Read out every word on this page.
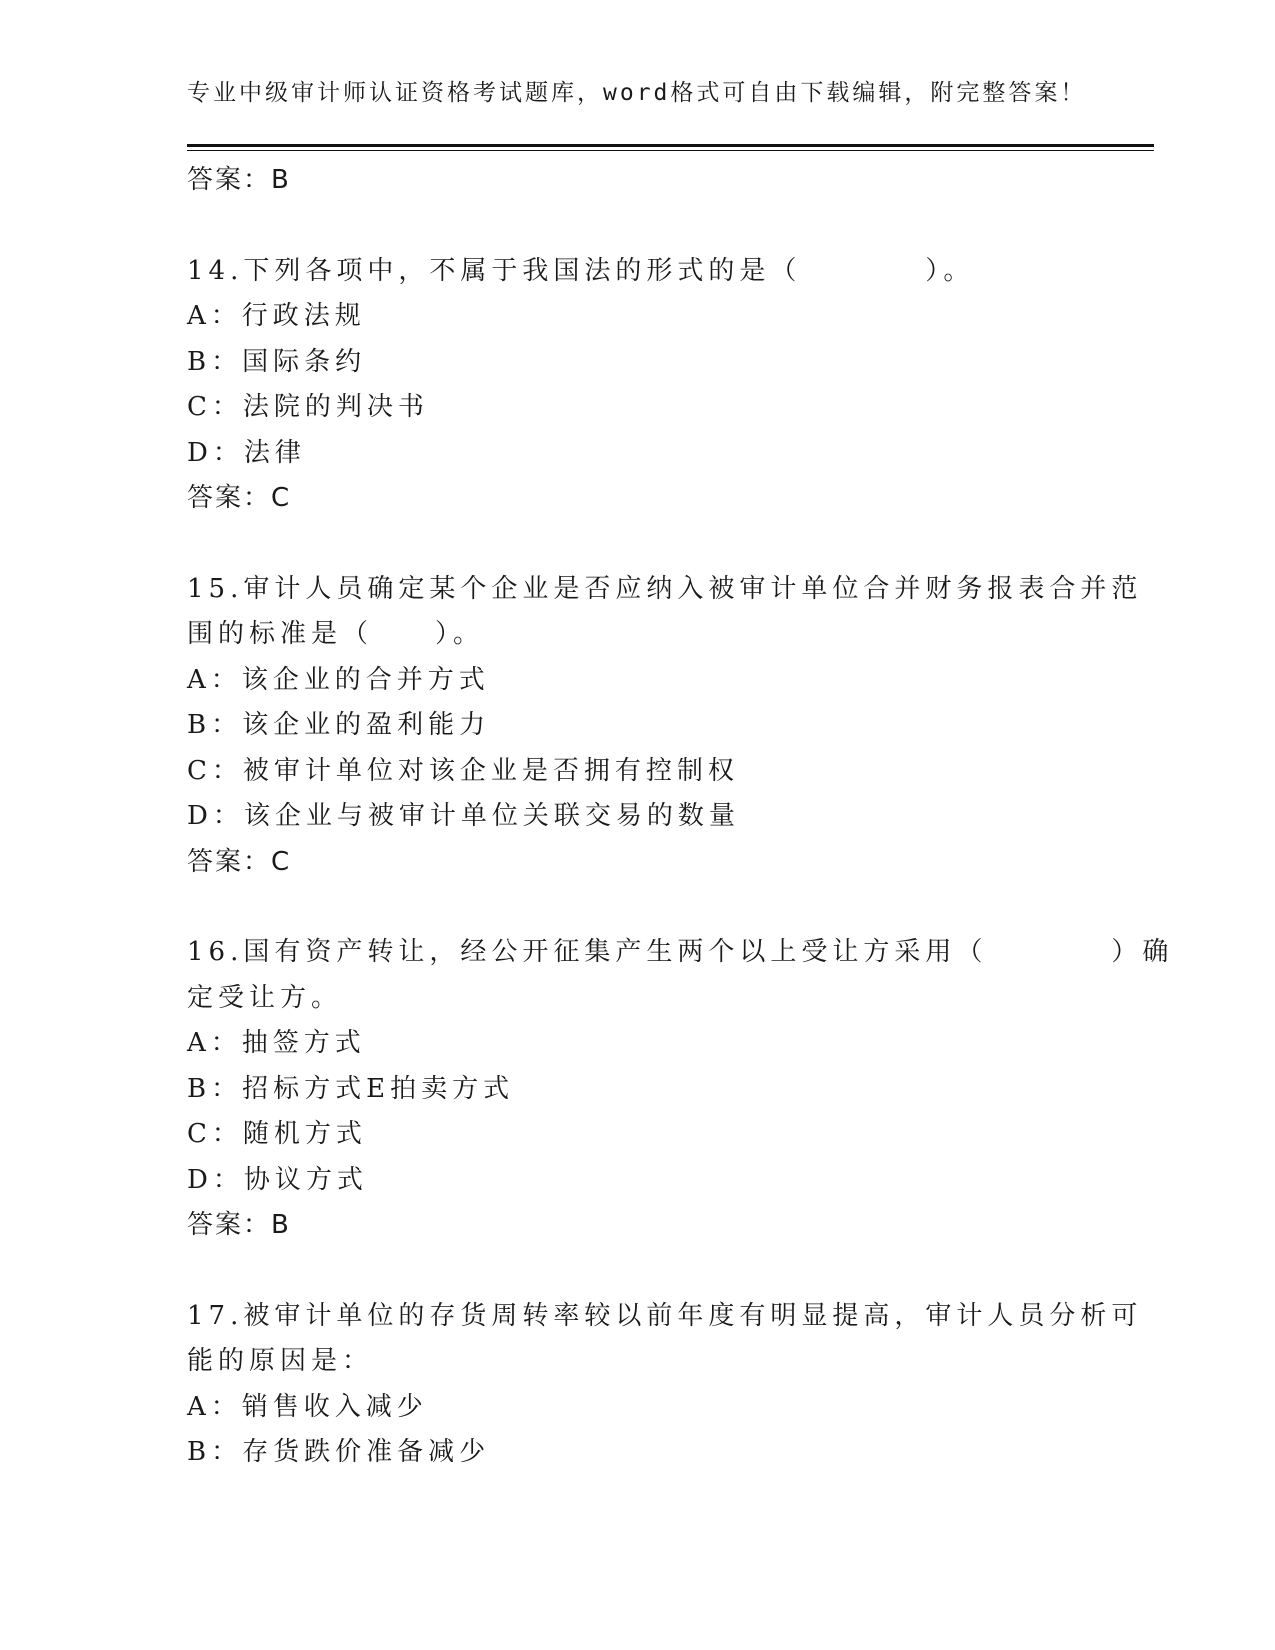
专业中级审计师认证资格考试题库，word格式可自由下载编辑，附完整答案！
答案：B
14.下列各项中，不属于我国法的形式的是（　　　　）。
A：行政法规
B：国际条约
C：法院的判决书
D：法律
答案：C
15.审计人员确定某个企业是否应纳入被审计单位合并财务报表合并范
围的标准是（　　）。
A：该企业的合并方式
B：该企业的盈利能力
C：被审计单位对该企业是否拥有控制权
D：该企业与被审计单位关联交易的数量
答案：C
16.国有资产转让，经公开征集产生两个以上受让方采用（　　　　）确
定受让方。
A：抽签方式
B：招标方式E拍卖方式
C：随机方式
D：协议方式
答案：B
17.被审计单位的存货周转率较以前年度有明显提高，审计人员分析可
能的原因是：
A：销售收入减少
B：存货跌价准备减少
